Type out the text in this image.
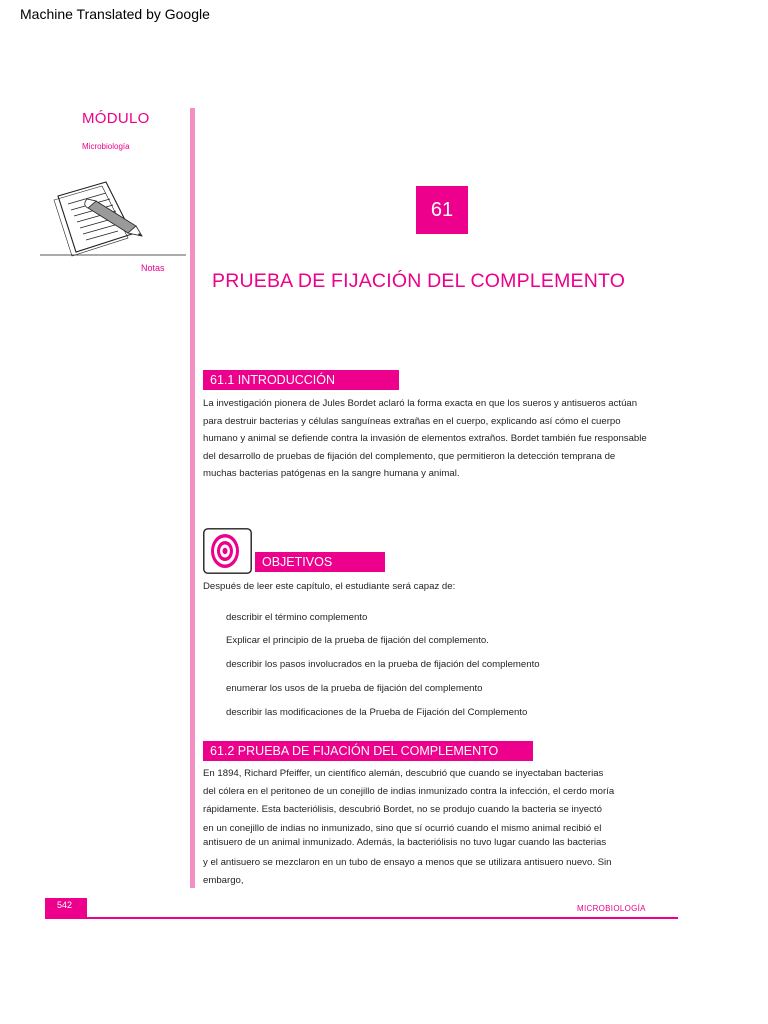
Machine Translated by Google
MÓDULO
Microbiología
Notas
61
PRUEBA DE FIJACIÓN DEL COMPLEMENTO
61.1 INTRODUCCIÓN
La investigación pionera de Jules Bordet aclaró la forma exacta en que los sueros y antisueros actúan
para destruir bacterias y células sanguíneas extrañas en el cuerpo, explicando así cómo el cuerpo
humano y animal se defiende contra la invasión de elementos extraños. Bordet también fue responsable
del desarrollo de pruebas de fijación del complemento, que permitieron la detección temprana de
muchas bacterias patógenas en la sangre humana y animal.
OBJETIVOS
Después de leer este capítulo, el estudiante será capaz de:
describir el término complemento
Explicar el principio de la prueba de fijación del complemento.
describir los pasos involucrados en la prueba de fijación del complemento
enumerar los usos de la prueba de fijación del complemento
describir las modificaciones de la Prueba de Fijación del Complemento
61.2 PRUEBA DE FIJACIÓN DEL COMPLEMENTO
En 1894, Richard Pfeiffer, un científico alemán, descubrió que cuando se inyectaban bacterias
del cólera en el peritoneo de un conejillo de indias inmunizado contra la infección, el cerdo moría
rápidamente. Esta bacteriólisis, descubrió Bordet, no se produjo cuando la bacteria se inyectó
en un conejillo de indias no inmunizado, sino que sí ocurrió cuando el mismo animal recibió el
antisuero de un animal inmunizado. Además, la bacteriólisis no tuvo lugar cuando las bacterias
y el antisuero se mezclaron en un tubo de ensayo a menos que se utilizara antisuero nuevo. Sin
embargo,
542	MICROBIOLOGÍA
